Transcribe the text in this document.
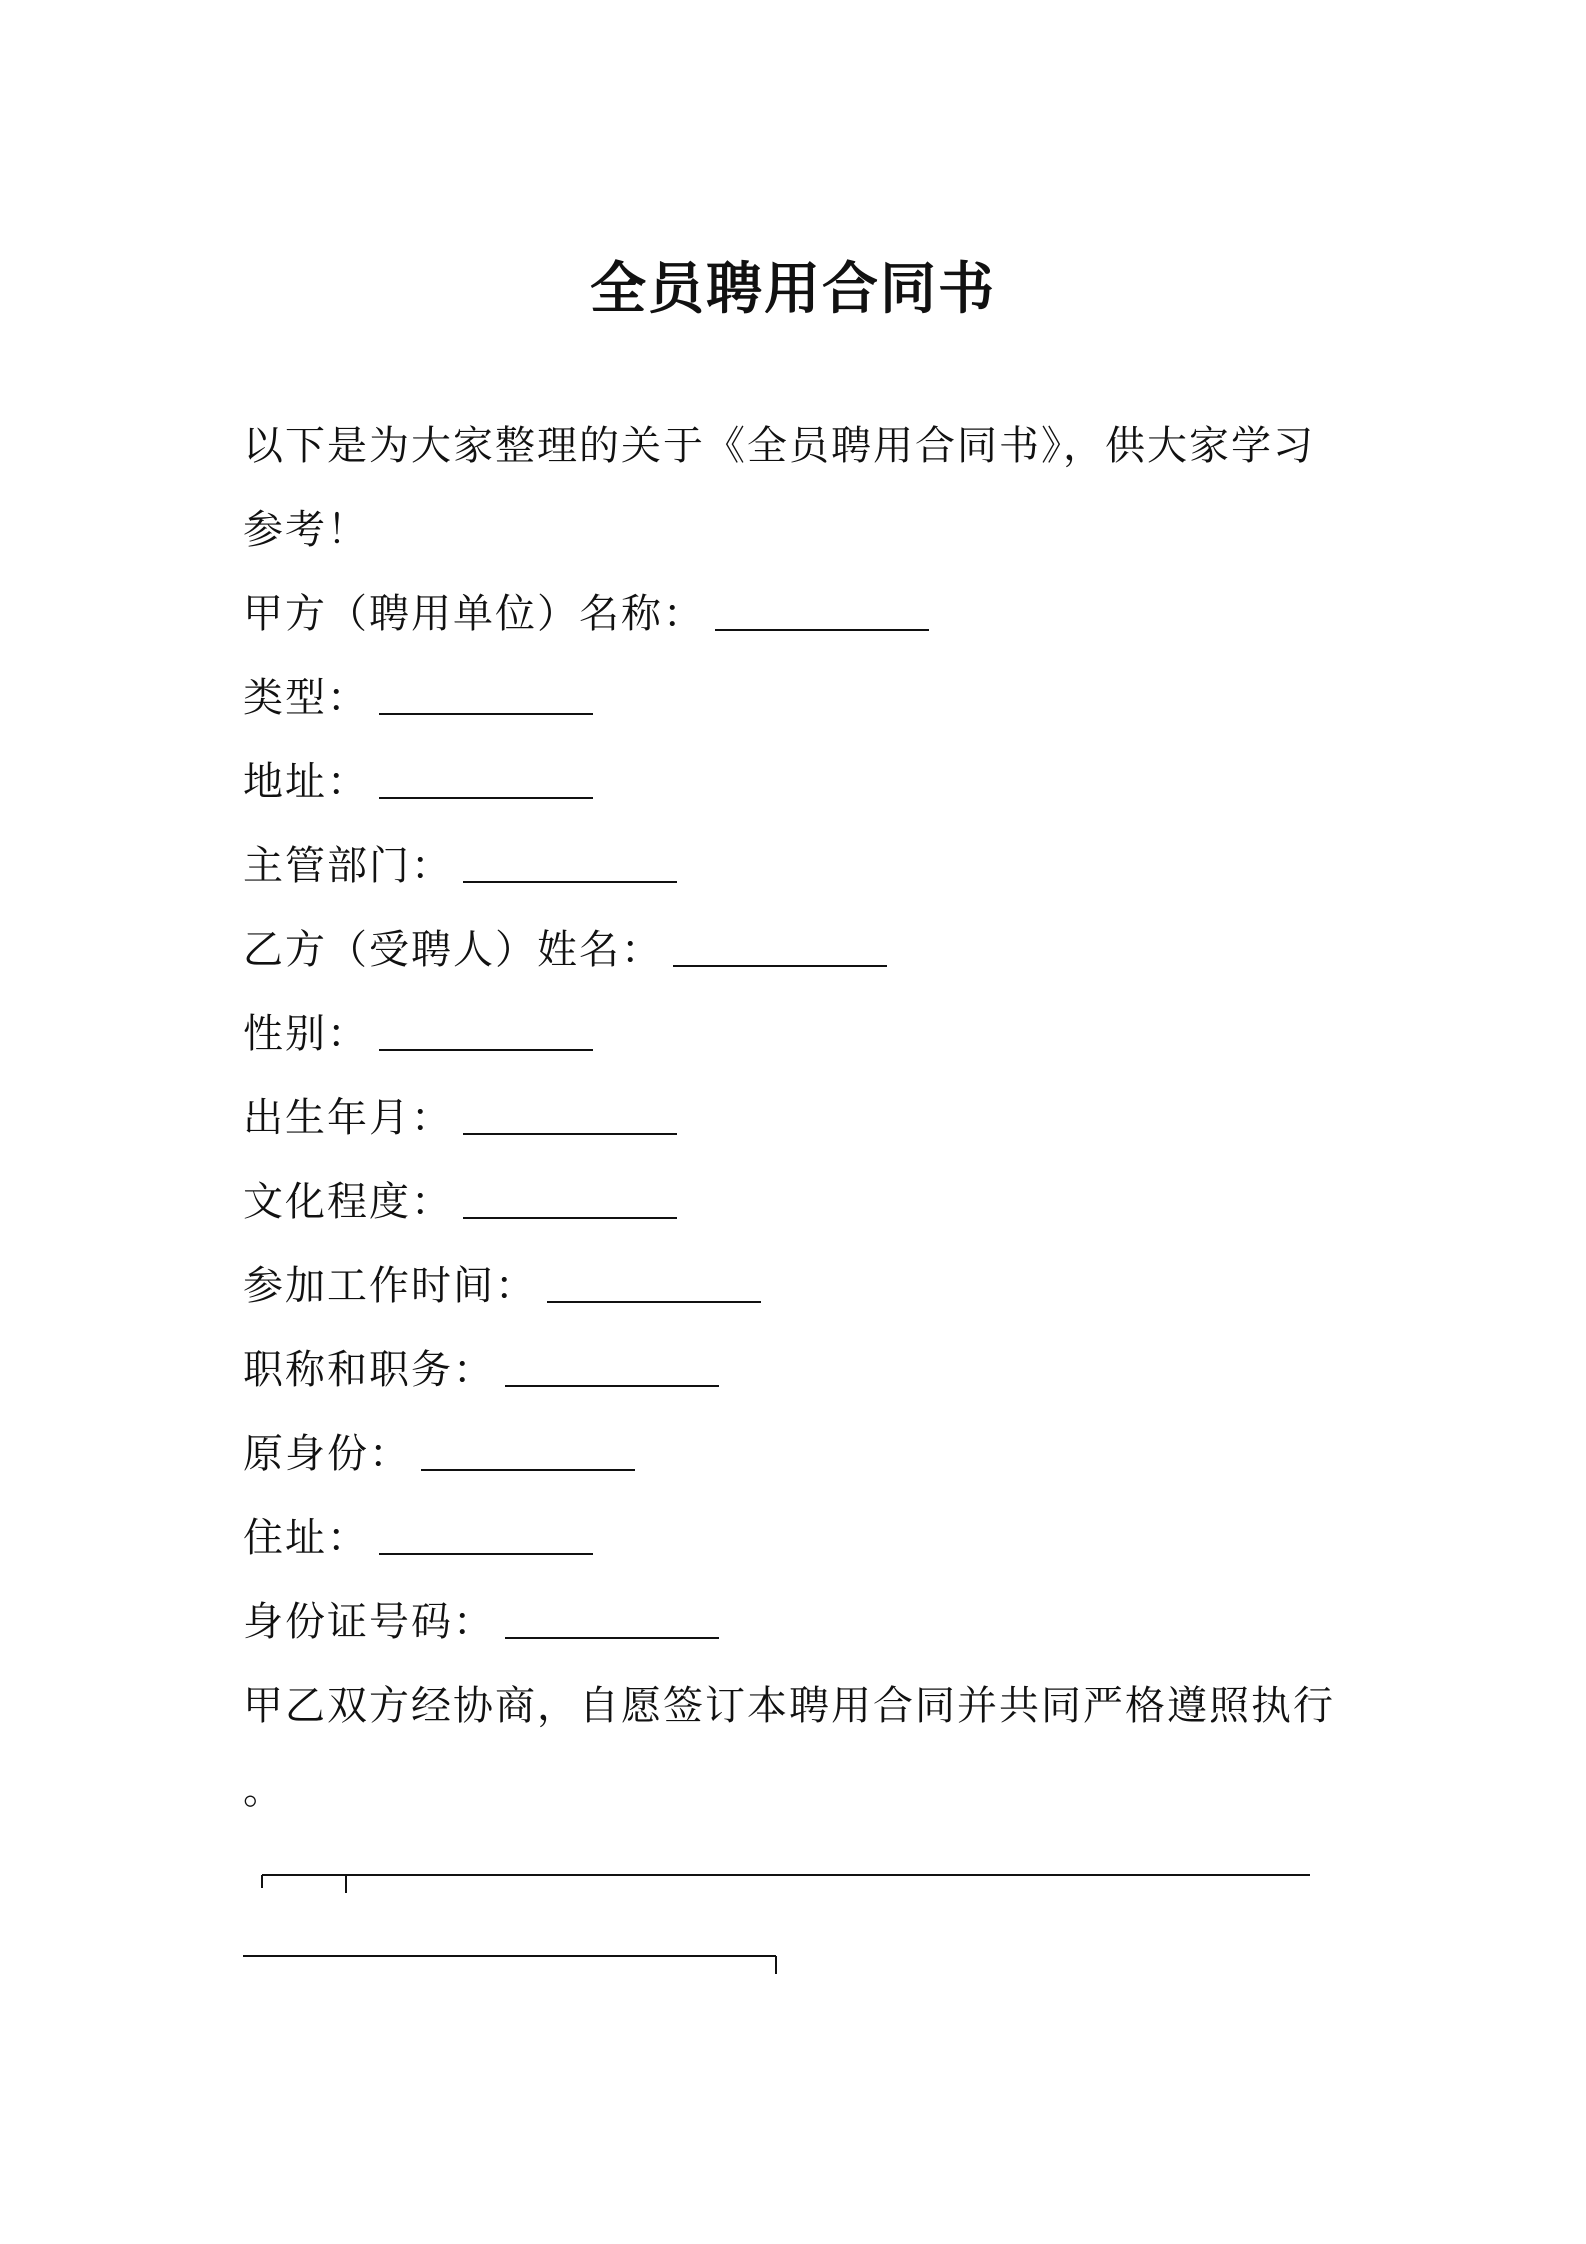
全员聘用合同书
以下是为大家整理的关于《全员聘用合同书》，供大家学习
参考！
甲方（聘用单位）名称：
类型：
地址：
主管部门：
乙方（受聘人）姓名：
性别：
出生年月：
文化程度：
参加工作时间：
职称和职务：
原身份：
住址：
身份证号码：
甲乙双方经协商，自愿签订本聘用合同并共同严格遵照执行
。
